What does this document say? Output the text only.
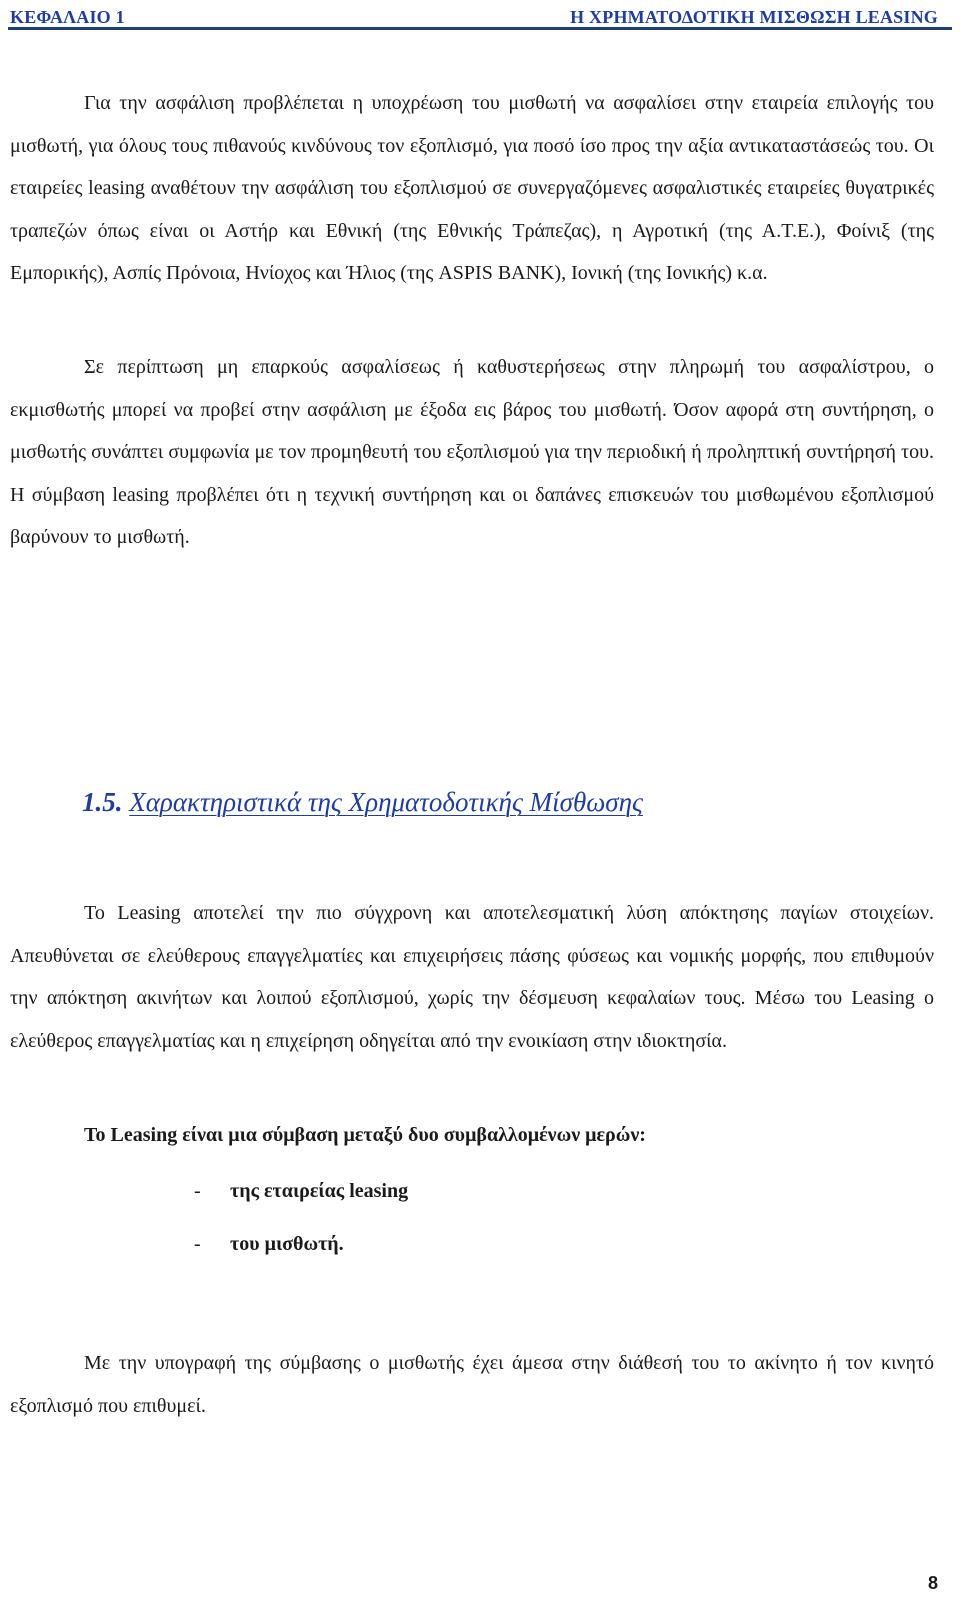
ΚΕΦΑΛΑΙΟ 1	Η ΧΡΗΜΑΤΟΔΟΤΙΚΗ ΜΙΣΘΩΣΗ LEASING

Για την ασφάλιση προβλέπεται η υποχρέωση του μισθωτή να ασφαλίσει στην εταιρεία επιλογής του μισθωτή, για όλους τους πιθανούς κινδύνους τον εξοπλισμό, για ποσό ίσο προς την αξία αντικαταστάσεώς του. Οι εταιρείες leasing αναθέτουν την ασφάλιση του εξοπλισμού σε συνεργαζόμενες ασφαλιστικές εταιρείες θυγατρικές τραπεζών όπως είναι οι Αστήρ και Εθνική (της Εθνικής Τράπεζας), η Αγροτική (της Α.Τ.Ε.), Φοίνιξ (της Εμπορικής), Ασπίς Πρόνοια, Ηνίοχος και Ήλιος (της ASPIS BANK), Ιονική (της Ιονικής) κ.α.

Σε περίπτωση μη επαρκούς ασφαλίσεως ή καθυστερήσεως στην πληρωμή του ασφαλίστρου, ο εκμισθωτής μπορεί να προβεί στην ασφάλιση με έξοδα εις βάρος του μισθωτή. Όσον αφορά στη συντήρηση, ο μισθωτής συνάπτει συμφωνία με τον προμηθευτή του εξοπλισμού για την περιοδική ή προληπτική συντήρησή του. Η σύμβαση leasing προβλέπει ότι η τεχνική συντήρηση και οι δαπάνες επισκευών του μισθωμένου εξοπλισμού βαρύνουν το μισθωτή.

1.5. Χαρακτηριστικά της Χρηματοδοτικής Μίσθωσης

Το Leasing αποτελεί την πιο σύγχρονη και αποτελεσματική λύση απόκτησης παγίων στοιχείων. Απευθύνεται σε ελεύθερους επαγγελματίες και επιχειρήσεις πάσης φύσεως και νομικής μορφής, που επιθυμούν την απόκτηση ακινήτων και λοιπού εξοπλισμού, χωρίς την δέσμευση κεφαλαίων τους. Μέσω του Leasing ο ελεύθερος επαγγελματίας και η επιχείρηση οδηγείται από την ενοικίαση στην ιδιοκτησία.

Το Leasing είναι μια σύμβαση μεταξύ δυο συμβαλλομένων μερών:
- της εταιρείας leasing
- του μισθωτή.

Με την υπογραφή της σύμβασης ο μισθωτής έχει άμεσα στην διάθεσή του το ακίνητο ή τον κινητό εξοπλισμό που επιθυμεί.

8
